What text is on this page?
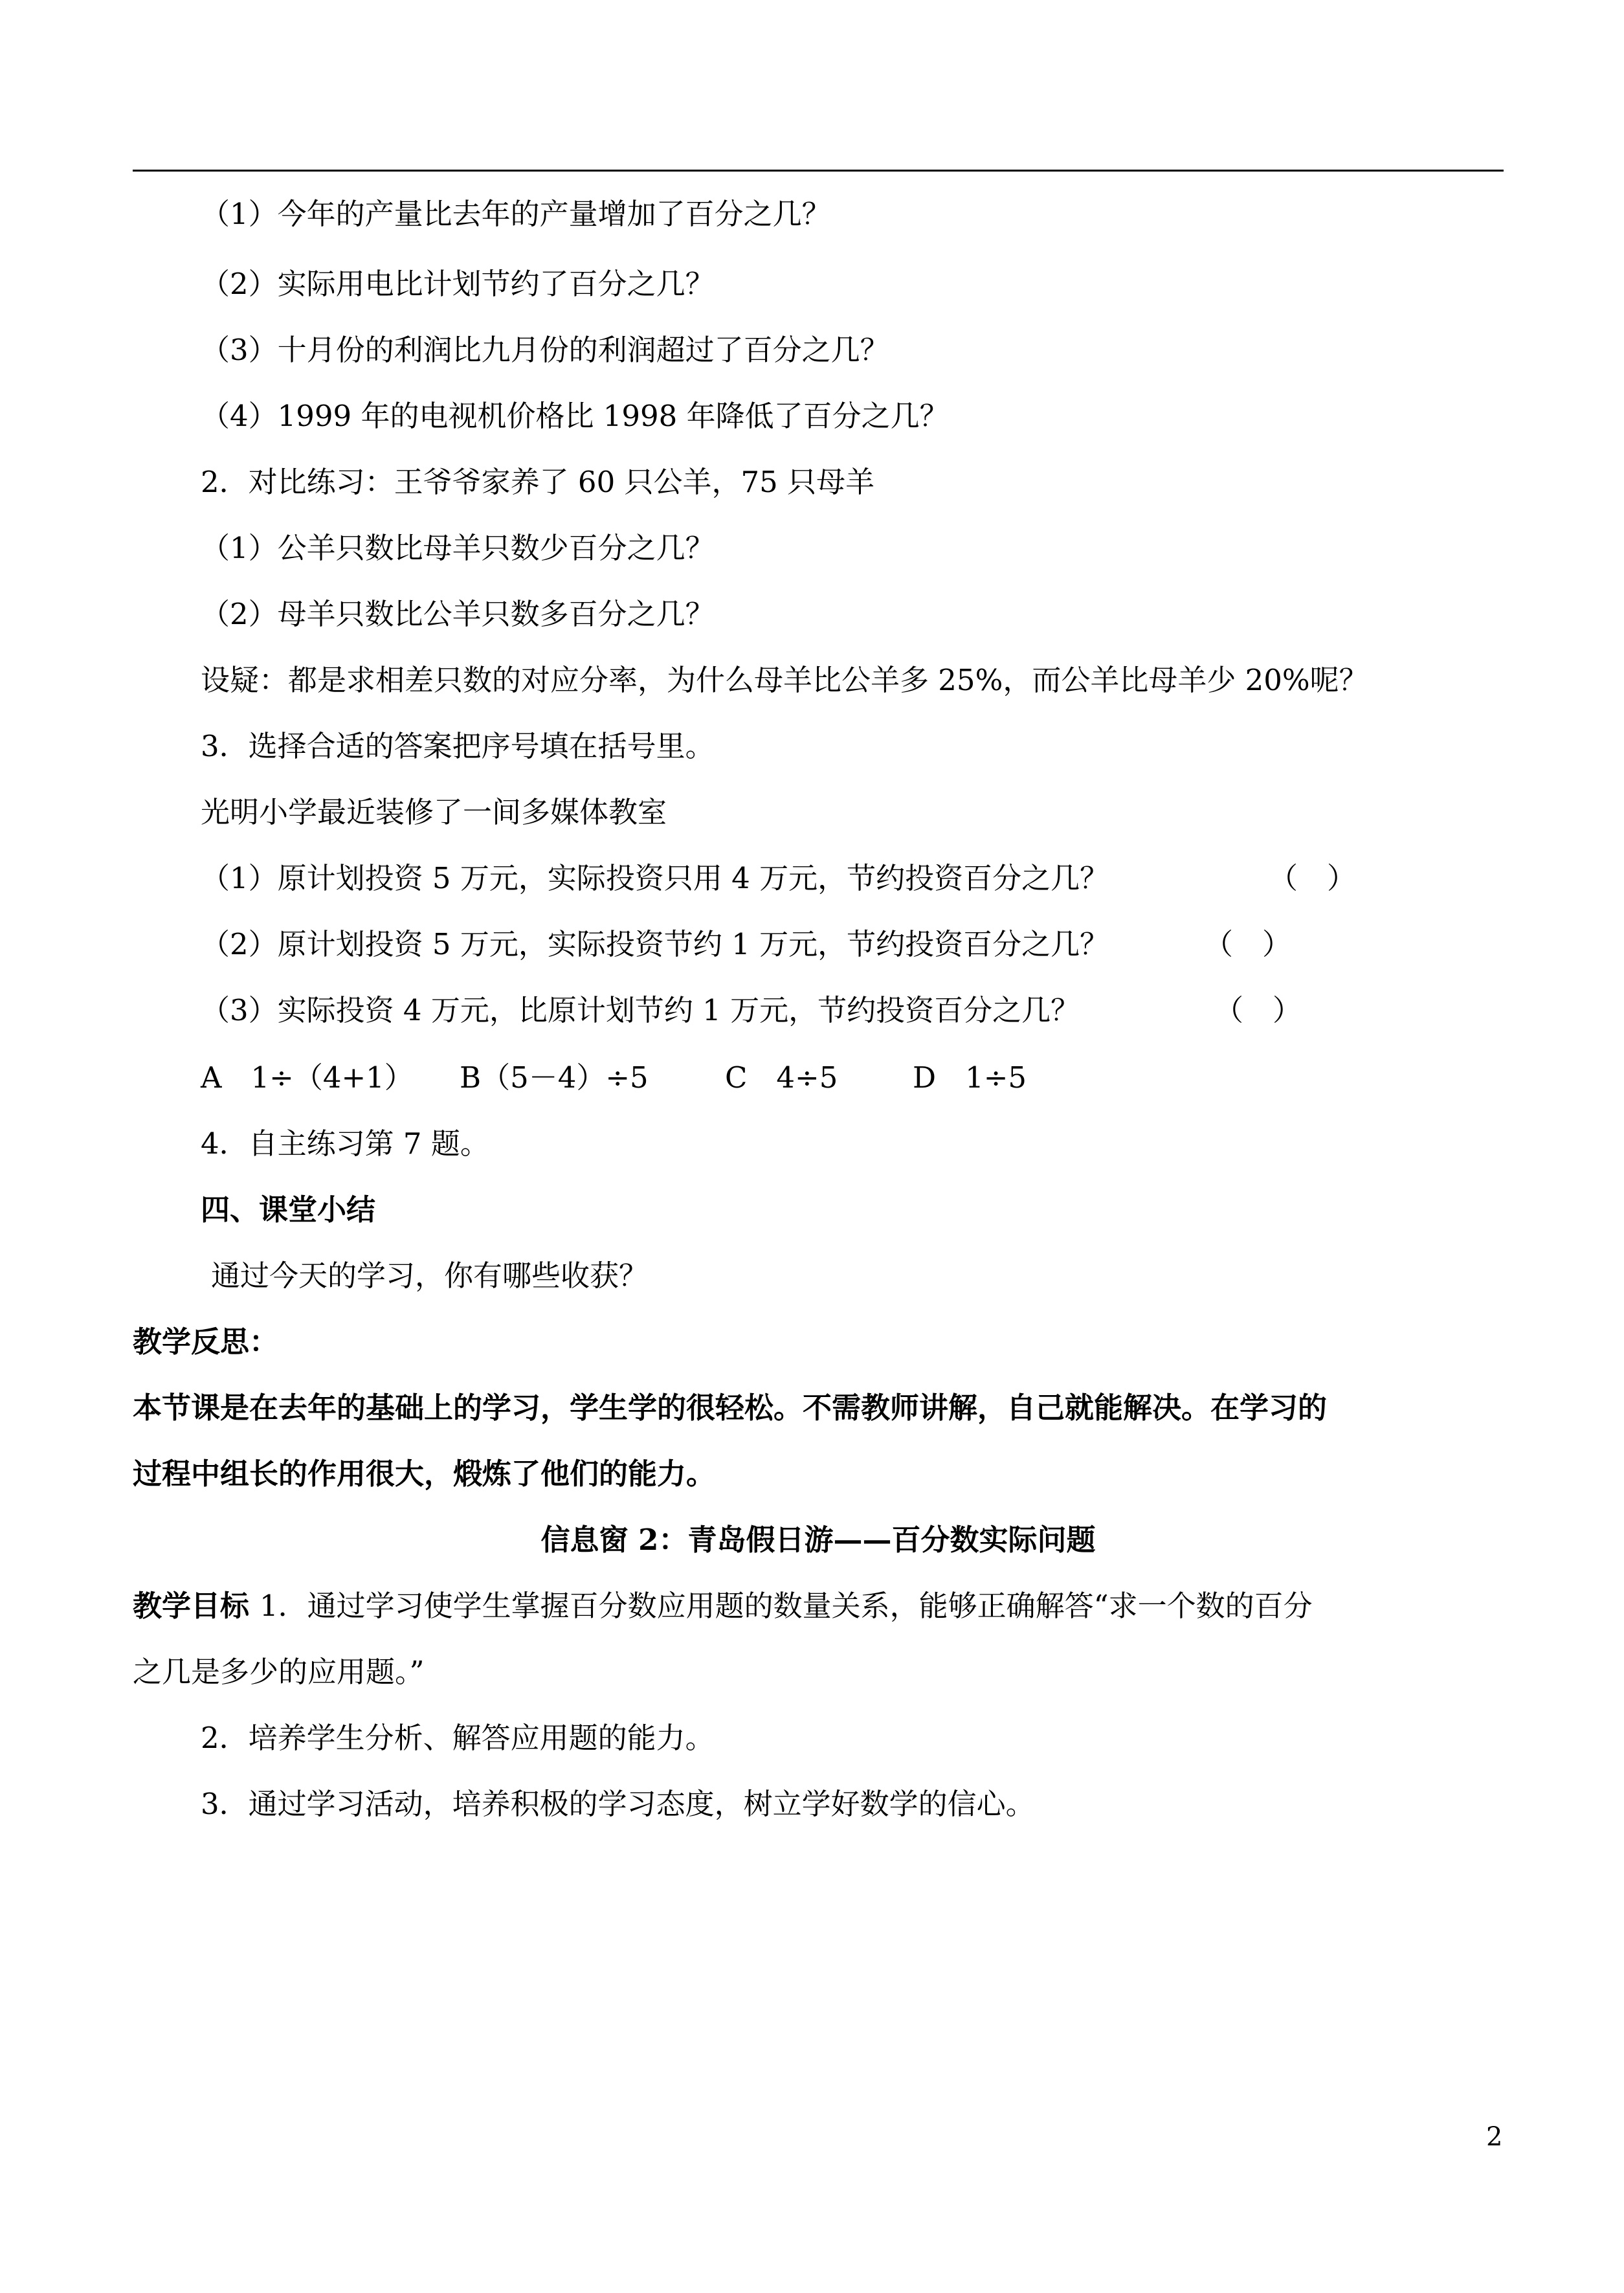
（1）今年的产量比去年的产量增加了百分之几？
（2）实际用电比计划节约了百分之几？
（3）十月份的利润比九月份的利润超过了百分之几？
（4）1999 年的电视机价格比 1998 年降低了百分之几？
2．对比练习：王爷爷家养了 60 只公羊，75 只母羊
（1）公羊只数比母羊只数少百分之几？
（2）母羊只数比公羊只数多百分之几？
设疑：都是求相差只数的对应分率，为什么母羊比公羊多 25%，而公羊比母羊少 20%呢？
3．选择合适的答案把序号填在括号里。
光明小学最近装修了一间多媒体教室
（1）原计划投资 5 万元，实际投资只用 4 万元，节约投资百分之几？	（　）
（2）原计划投资 5 万元，实际投资节约 1 万元，节约投资百分之几？	（　）
（3）实际投资 4 万元，比原计划节约 1 万元，节约投资百分之几？	（　）
A　1÷（4+1） B（5－4）÷5	C　4÷5	D　1÷5
4．自主练习第 7 题。
四、课堂小结
通过今天的学习，你有哪些收获？
教学反思：
本节课是在去年的基础上的学习，学生学的很轻松。不需教师讲解，自己就能解决。在学习的
过程中组长的作用很大，煅炼了他们的能力。
信息窗 2：青岛假日游——百分数实际问题
教学目标 1．通过学习使学生掌握百分数应用题的数量关系，能够正确解答“求一个数的百分
之几是多少的应用题。”
2．培养学生分析、解答应用题的能力。
3．通过学习活动，培养积极的学习态度，树立学好数学的信心。
2
